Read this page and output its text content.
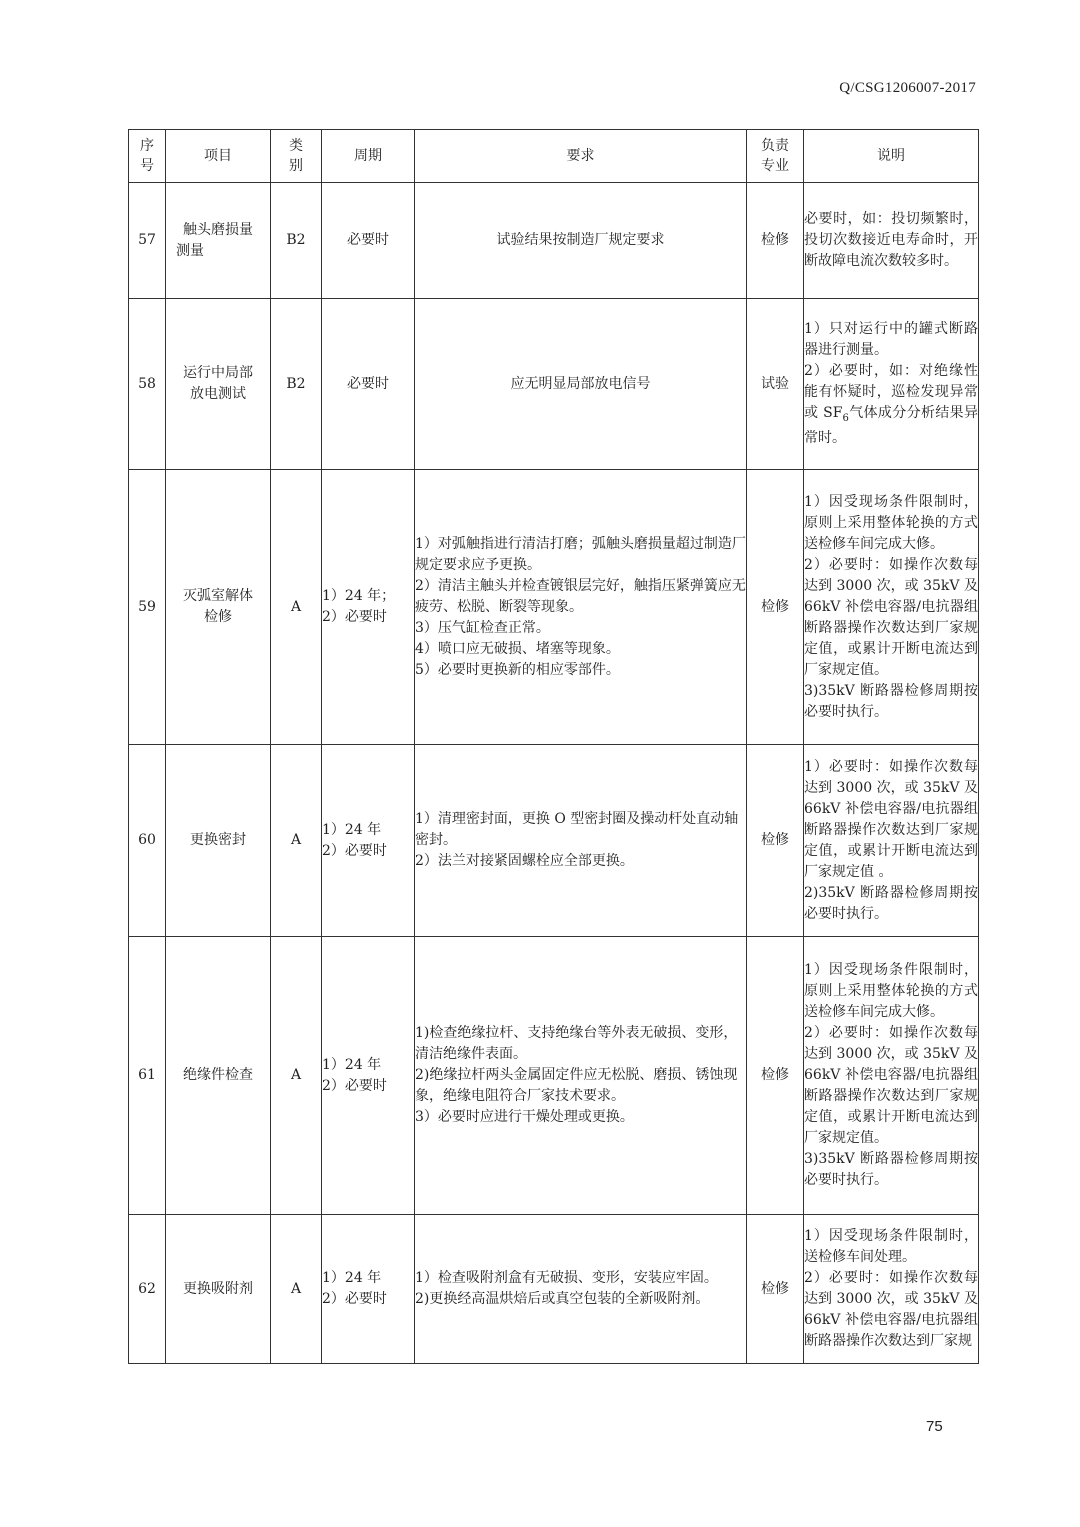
Q/CSG1206007-2017
序
号	项目	类
别	周期	要求	负责
专业	说明

57	触头磨损量
测量	B2	必要时	试验结果按制造厂规定要求	检修	必要时，如：投切频繁时，投切次数接近电寿命时，开断故障电流次数较多时。

58	运行中局部
放电测试	B2	必要时	应无明显局部放电信号	试验	1）只对运行中的罐式断路器进行测量。
2）必要时，如：对绝缘性能有怀疑时，巡检发现异常或 $SF_6$气体成分分析结果异常时。

59	灭弧室解体
检修	A	1）24 年；
2）必要时	1）对弧触指进行清洁打磨；弧触头磨损量超过制造厂规定要求应予更换。
2）清洁主触头并检查镀银层完好，触指压紧弹簧应无疲劳、松脱、断裂等现象。
3）压气缸检查正常。
4）喷口应无破损、堵塞等现象。
5）必要时更换新的相应零部件。	检修	1）因受现场条件限制时，原则上采用整体轮换的方式送检修车间完成大修。
2）必要时：如操作次数每达到 3000 次，或 35kV 及 66kV 补偿电容器/电抗器组断路器操作次数达到厂家规定值，或累计开断电流达到厂家规定值。
3)35kV 断路器检修周期按必要时执行。

60	更换密封	A	1）24 年
2）必要时	1）清理密封面，更换 O 型密封圈及操动杆处直动轴密封。
2）法兰对接紧固螺栓应全部更换。	检修	1）必要时：如操作次数每达到 3000 次，或 35kV 及 66kV 补偿电容器/电抗器组断路器操作次数达到厂家规定值，或累计开断电流达到厂家规定值 。
2)35kV 断路器检修周期按必要时执行。

61	绝缘件检查	A	1）24 年
2）必要时	1)检查绝缘拉杆、支持绝缘台等外表无破损、变形，清洁绝缘件表面。
2)绝缘拉杆两头金属固定件应无松脱、磨损、锈蚀现象，绝缘电阻符合厂家技术要求。
3）必要时应进行干燥处理或更换。	检修	1）因受现场条件限制时，原则上采用整体轮换的方式送检修车间完成大修。
2）必要时：如操作次数每达到 3000 次，或 35kV 及 66kV 补偿电容器/电抗器组断路器操作次数达到厂家规定值，或累计开断电流达到厂家规定值。
3)35kV 断路器检修周期按必要时执行。

62	更换吸附剂	A	1）24 年
2）必要时	1）检查吸附剂盒有无破损、变形，安装应牢固。
2)更换经高温烘焙后或真空包装的全新吸附剂。	检修	1）因受现场条件限制时，送检修车间处理。
2）必要时：如操作次数每达到 3000 次，或 35kV 及 66kV 补偿电容器/电抗器组断路器操作次数达到厂家规
75
